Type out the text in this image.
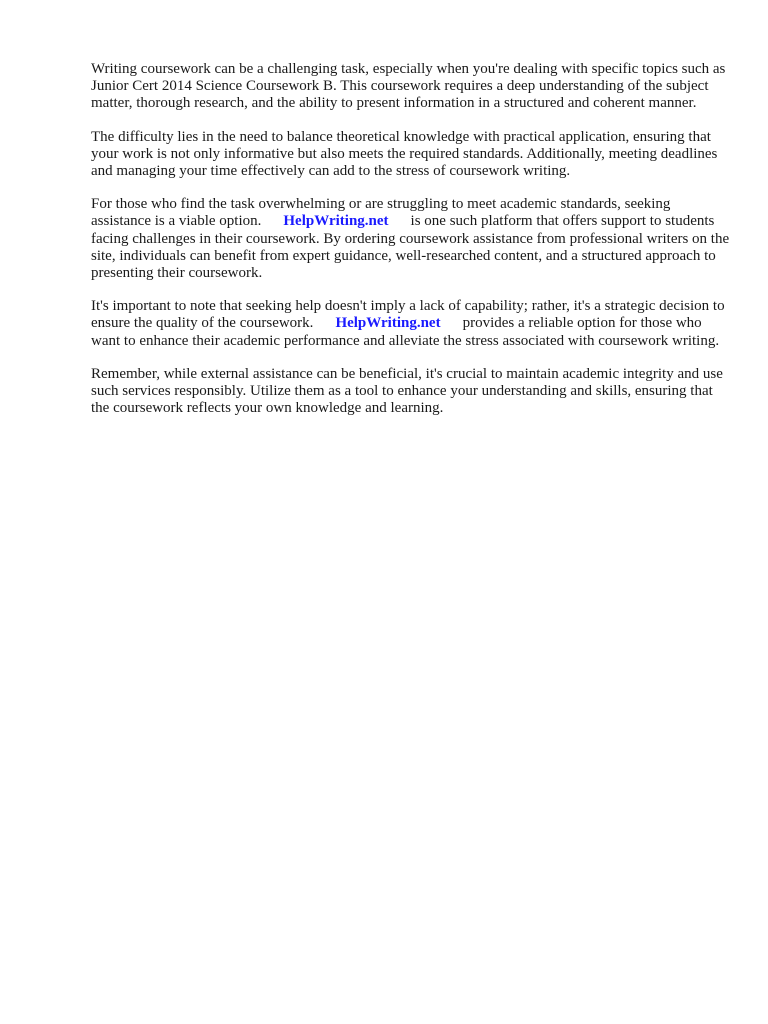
Writing coursework can be a challenging task, especially when you're dealing with specific topics such as Junior Cert 2014 Science Coursework B. This coursework requires a deep understanding of the subject matter, thorough research, and the ability to present information in a structured and coherent manner.

The difficulty lies in the need to balance theoretical knowledge with practical application, ensuring that your work is not only informative but also meets the required standards. Additionally, meeting deadlines and managing your time effectively can add to the stress of coursework writing.

For those who find the task overwhelming or are struggling to meet academic standards, seeking assistance is a viable option. HelpWriting.net is one such platform that offers support to students facing challenges in their coursework. By ordering coursework assistance from professional writers on the site, individuals can benefit from expert guidance, well-researched content, and a structured approach to presenting their coursework.

It's important to note that seeking help doesn't imply a lack of capability; rather, it's a strategic decision to ensure the quality of the coursework. HelpWriting.net provides a reliable option for those who want to enhance their academic performance and alleviate the stress associated with coursework writing.

Remember, while external assistance can be beneficial, it's crucial to maintain academic integrity and use such services responsibly. Utilize them as a tool to enhance your understanding and skills, ensuring that the coursework reflects your own knowledge and learning.
